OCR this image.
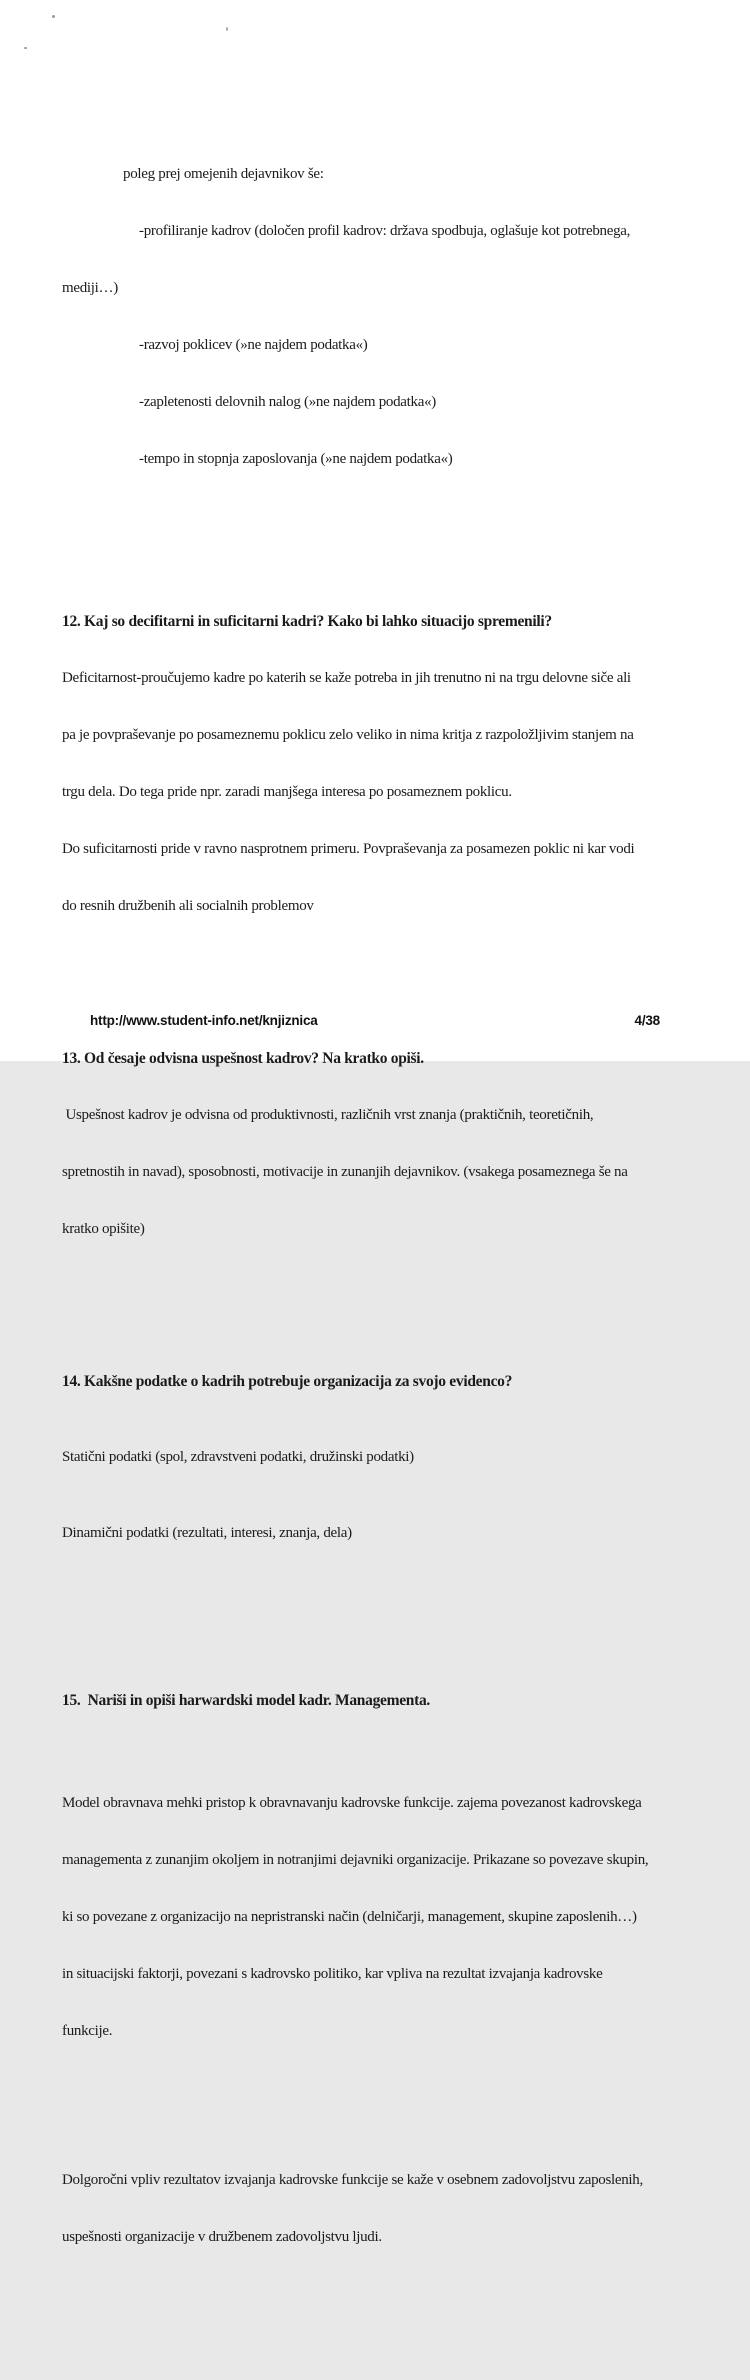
poleg prej omejenih dejavnikov še:

-profiliranje kadrov (določen profil kadrov: država spodbuja, oglašuje kot potrebnega,

mediji…)

-razvoj poklicev (»ne najdem podatka«)

-zapletenosti delovnih nalog (»ne najdem podatka«)

-tempo in stopnja zaposlovanja (»ne najdem podatka«)

12. Kaj so decifitarni in suficitarni kadri? Kako bi lahko situacijo spremenili?

Deficitarnost-proučujemo kadre po katerih se kaže potreba in jih trenutno ni na trgu delovne siče ali

pa je povpraševanje po posameznemu poklicu zelo veliko in nima kritja z razpoložljivim stanjem na

trgu dela. Do tega pride npr. zaradi manjšega interesa po posameznem poklicu.

Do suficitarnosti pride v ravno nasprotnem primeru. Povpraševanja za posamezen poklic ni kar vodi

do resnih družbenih ali socialnih problemov

13. Od česaje odvisna uspešnost kadrov? Na kratko opiši.

Uspešnost kadrov je odvisna od produktivnosti, različnih vrst znanja (praktičnih, teoretičnih,

spretnostih in navad), sposobnosti, motivacije in zunanjih dejavnikov. (vsakega posameznega še na

kratko opišite)

14. Kakšne podatke o kadrih potrebuje organizacija za svojo evidenco?

Statični podatki (spol, zdravstveni podatki, družinski podatki)

Dinamični podatki (rezultati, interesi, znanja, dela)

15.  Nariši in opiši harwardski model kadr. Managementa.

Model obravnava mehki pristop k obravnavanju kadrovske funkcije. zajema povezanost kadrovskega

managementa z zunanjim okoljem in notranjimi dejavniki organizacije. Prikazane so povezave skupin,

ki so povezane z organizacijo na nepristranski način (delničarji, management, skupine zaposlenih…)

in situacijski faktorji, povezani s kadrovsko politiko, kar vpliva na rezultat izvajanja kadrovske

funkcije.

Dolgoročni vpliv rezultatov izvajanja kadrovske funkcije se kaže v osebnem zadovoljstvu zaposlenih,

uspešnosti organizacije v družbenem zadovoljstvu ljudi.

http://www.student-info.net/knjiznica	4/38
